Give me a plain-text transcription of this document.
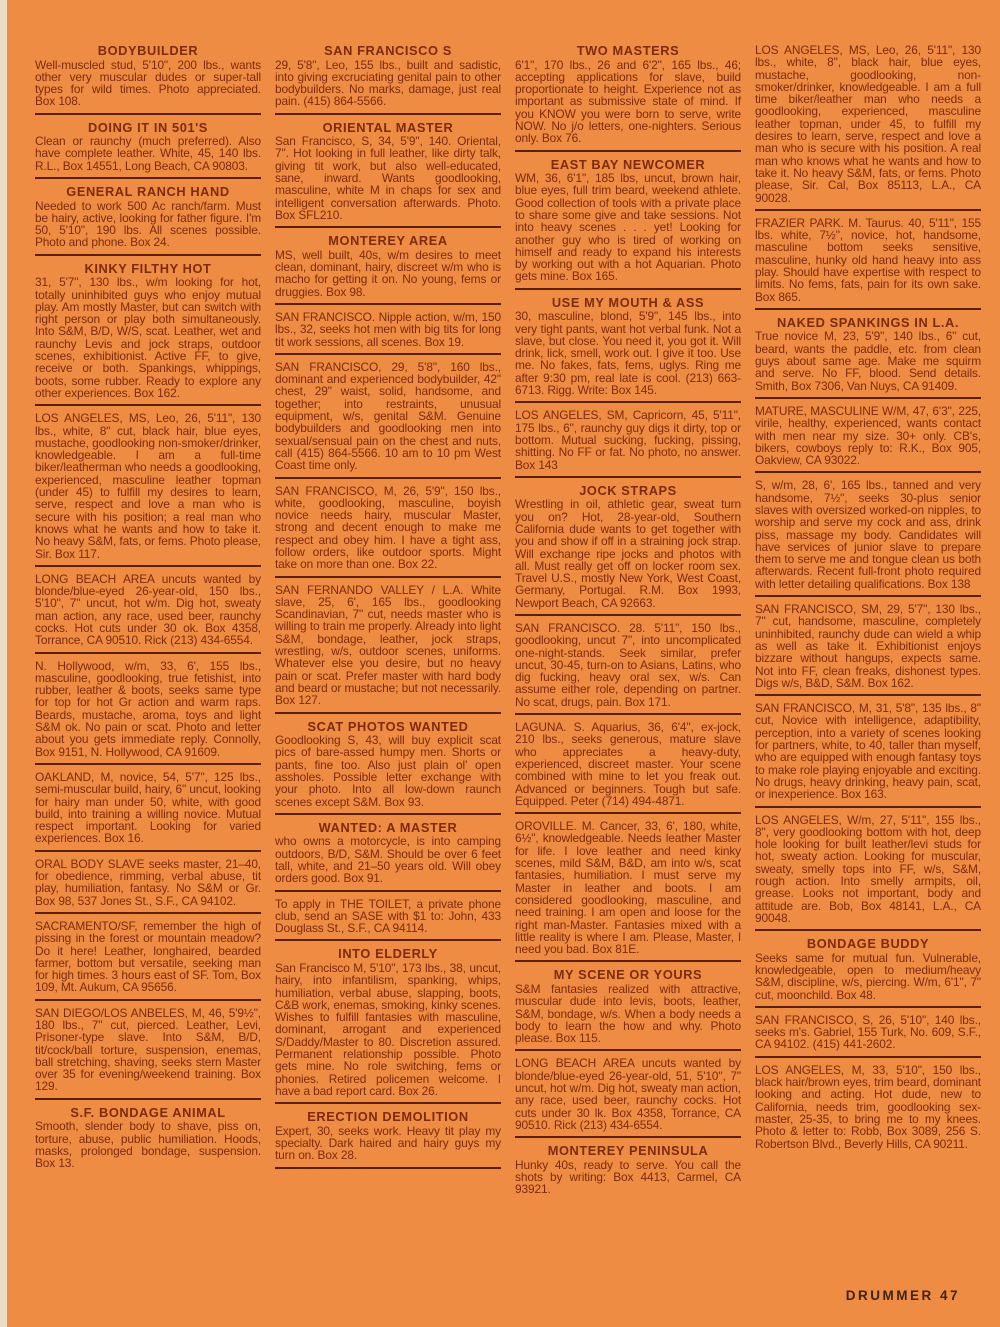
BODYBUILDER
Well-muscled stud, 5'10", 200 lbs., wants other very muscular dudes or super-tall types for wild times. Photo appreciated. Box 108.
DOING IT IN 501'S
Clean or raunchy (much preferred). Also have complete leather. White, 45, 140 lbs. R.L., Box 14551, Long Beach, CA 90803.
GENERAL RANCH HAND
Needed to work 500 Ac ranch/farm. Must be hairy, active, looking for father figure. I'm 50, 5'10", 190 lbs. All scenes possible. Photo and phone. Box 24.
KINKY FILTHY HOT
31, 5'7", 130 lbs., w/m looking for hot, totally uninhibited guys who enjoy mutual play. Am mostly Master, but can switch with right person or play both simultaneously. Into S&M, B/D, W/S, scat. Leather, wet and raunchy Levis and jock straps, outdoor scenes, exhibitionist. Active FF, to give, receive or both. Spankings, whippings, boots, some rubber. Ready to explore any other experiences. Box 162.
LOS ANGELES, MS, Leo, 26, 5'11", 130 lbs., white, 8" cut, black hair, blue eyes, mustache, goodlooking non-smoker/drinker, knowledgeable. I am a full-time biker/leatherman who needs a goodlooking, experienced, masculine leather topman (under 45) to fulfill my desires to learn, serve, respect and love a man who is secure with his position; a real man who knows what he wants and how to take it. No heavy S&M, fats, or fems. Photo please, Sir. Box 117.
LONG BEACH AREA uncuts wanted by blonde/blue-eyed 26-year-old, 150 lbs., 5'10", 7" uncut, hot w/m. Dig hot, sweaty man action, any race, used beer, raunchy cocks. Hot cuts under 30 ok. Box 4358, Torrance, CA 90510. Rick (213) 434-6554.
N. Hollywood, w/m, 33, 6', 155 lbs., masculine, goodlooking, true fetishist, into rubber, leather & boots, seeks same type for top for hot Gr action and warm raps. Beards, mustache, aroma, toys and light S&M ok. No pain or scat. Photo and letter about you gets immediate reply. Connolly, Box 9151, N. Hollywood, CA 91609.
OAKLAND, M, novice, 54, 5'7", 125 lbs., semi-muscular build, hairy, 6" uncut, looking for hairy man under 50, white, with good build, into training a willing novice. Mutual respect important. Looking for varied experiences. Box 16.
ORAL BODY SLAVE seeks master, 21–40, for obedience, rimming, verbal abuse, tit play, humiliation, fantasy. No S&M or Gr. Box 98, 537 Jones St., S.F., CA 94102.
SACRAMENTO/SF, remember the high of pissing in the forest or mountain meadow? Do it here! Leather, longhaired, bearded farmer, bottom but versatile, seeking man for high times. 3 hours east of SF. Tom, Box 109, Mt. Aukum, CA 95656.
SAN DIEGO/LOS ANBELES, M, 46, 5'9½", 180 lbs., 7" cut, pierced. Leather, Levi, Prisoner-type slave. Into S&M, B/D, tit/cock/ball torture, suspension, enemas, ball stretching, shaving, seeks stern Master over 35 for evening/weekend training. Box 129.
S.F. BONDAGE ANIMAL
Smooth, slender body to shave, piss on, torture, abuse, public humiliation. Hoods, masks, prolonged bondage, suspension. Box 13.
SAN FRANCISCO S
29, 5'8", Leo, 155 lbs., built and sadistic, into giving excruciating genital pain to other bodybuilders. No marks, damage, just real pain. (415) 864-5566.
ORIENTAL MASTER
San Francisco, S, 34, 5'9", 140. Oriental, 7". Hot looking in full leather, like dirty talk, giving tit work, but also well-educated, sane, inward. Wants goodlooking, masculine, white M in chaps for sex and intelligent conversation afterwards. Photo. Box SFL210.
MONTEREY AREA
MS, well built, 40s, w/m desires to meet clean, dominant, hairy, discreet w/m who is macho for getting it on. No young, fems or druggies. Box 98.
SAN FRANCISCO. Nipple action, w/m, 150 lbs., 32, seeks hot men with big tits for long tit work sessions, all scenes. Box 19.
SAN FRANCISCO, 29, 5'8", 160 lbs., dominant and experienced bodybuilder, 42" chest, 29" waist, solid, handsome, and together; into restraints, unusual equipment, w/s, genital S&M. Genuine bodybuilders and goodlooking men into sexual/sensual pain on the chest and nuts, call (415) 864-5566. 10 am to 10 pm West Coast time only.
SAN FRANCISCO, M, 26, 5'9", 150 lbs., white, goodlooking, masculine, boyish novice needs hairy, muscular Master, strong and decent enough to make me respect and obey him. I have a tight ass, follow orders, like outdoor sports. Might take on more than one. Box 22.
SAN FERNANDO VALLEY / L.A. White slave, 25, 6', 165 lbs., goodlooking Scandinavian, 7" cut, needs master who is willing to train me properly. Already into light S&M, bondage, leather, jock straps, wrestling, w/s, outdoor scenes, uniforms. Whatever else you desire, but no heavy pain or scat. Prefer master with hard body and beard or mustache; but not necessarily. Box 127.
SCAT PHOTOS WANTED
Goodlooking S, 43, will buy explicit scat pics of bare-assed humpy men. Shorts or pants, fine too. Also just plain ol' open assholes. Possible letter exchange with your photo. Into all low-down raunch scenes except S&M. Box 93.
WANTED: A MASTER
who owns a motorcycle, is into camping outdoors, B/D, S&M. Should be over 6 feet tall, white, and 21–50 years old. Will obey orders good. Box 91.
To apply in THE TOILET, a private phone club, send an SASE with $1 to: John, 433 Douglass St., S.F., CA 94114.
INTO ELDERLY
San Francisco M, 5'10", 173 lbs., 38, uncut, hairy, into infantilism, spanking, whips, humiliation, verbal abuse, slapping, boots, C&B work, enemas, smoking, kinky scenes. Wishes to fulfill fantasies with masculine, dominant, arrogant and experienced S/Daddy/Master to 80. Discretion assured. Permanent relationship possible. Photo gets mine. No role switching, fems or phonies. Retired policemen welcome. I have a bad report card. Box 26.
ERECTION DEMOLITION
Expert, 30, seeks work. Heavy tit play my specialty. Dark haired and hairy guys my turn on. Box 28.
TWO MASTERS
6'1", 170 lbs., 26 and 6'2", 165 lbs., 46; accepting applications for slave, build proportionate to height. Experience not as important as submissive state of mind. If you KNOW you were born to serve, write NOW. No j/o letters, one-nighters. Serious only. Box 76.
EAST BAY NEWCOMER
WM, 36, 6'1", 185 lbs, uncut, brown hair, blue eyes, full trim beard, weekend athlete. Good collection of tools with a private place to share some give and take sessions. Not into heavy scenes . . . yet! Looking for another guy who is tired of working on himself and ready to expand his interests by working out with a hot Aquarian. Photo gets mine. Box 165.
USE MY MOUTH & ASS
30, masculine, blond, 5'9", 145 lbs., into very tight pants, want hot verbal funk. Not a slave, but close. You need it, you got it. Will drink, lick, smell, work out. I give it too. Use me. No fakes, fats, fems, uglys. Ring me after 9:30 pm, real late is cool. (213) 663-6713. Rigg. Write: Box 145.
LOS ANGELES, SM, Capricorn, 45, 5'11", 175 lbs., 6", raunchy guy digs it dirty, top or bottom. Mutual sucking, fucking, pissing, shitting. No FF or fat. No photo, no answer. Box 143
JOCK STRAPS
Wrestling in oil, athletic gear, sweat turn you on? Hot, 28-year-old, Southern California dude wants to get together with you and show if off in a straining jock strap. Will exchange ripe jocks and photos with all. Must really get off on locker room sex. Travel U.S., mostly New York, West Coast, Germany, Portugal. R.M. Box 1993, Newport Beach, CA 92663.
SAN FRANCISCO. 28. 5'11", 150 lbs., goodlooking, uncut 7", into uncomplicated one-night-stands. Seek similar, prefer uncut, 30-45, turn-on to Asians, Latins, who dig fucking, heavy oral sex, w/s. Can assume either role, depending on partner. No scat, drugs, pain. Box 171.
LAGUNA. S. Aquarius, 36, 6'4", ex-jock, 210 lbs., seeks generous, mature slave who appreciates a heavy-duty, experienced, discreet master. Your scene combined with mine to let you freak out. Advanced or beginners. Tough but safe. Equipped. Peter (714) 494-4871.
OROVILLE. M. Cancer, 33, 6', 180, white, 6½", knowledgeable. Needs leather Master for life. I love leather and need kinky scenes, mild S&M, B&D, am into w/s, scat fantasies, humiliation. I must serve my Master in leather and boots. I am considered goodlooking, masculine, and need training. I am open and loose for the right man-Master. Fantasies mixed with a little reality is where I am. Please, Master, I need you bad. Box 81E.
MY SCENE OR YOURS
S&M fantasies realized with attractive, muscular dude into levis, boots, leather, S&M, bondage, w/s. When a body needs a body to learn the how and why. Photo please. Box 115.
LONG BEACH AREA uncuts wanted by blonde/blue-eyed 26-year-old, 51, 5'10", 7" uncut, hot w/m. Dig hot, sweaty man action, any race, used beer, raunchy cocks. Hot cuts under 30 lk. Box 4358, Torrance, CA 90510. Rick (213) 434-6554.
MONTEREY PENINSULA
Hunky 40s, ready to serve. You call the shots by writing: Box 4413, Carmel, CA 93921.
LOS ANGELES, MS, Leo, 26, 5'11", 130 lbs., white, 8", black hair, blue eyes, mustache, goodlooking, non-smoker/drinker, knowledgeable. I am a full time biker/leather man who needs a goodlooking, experienced, masculine leather topman, under 45, to fulfill my desires to learn, serve, respect and love a man who is secure with his position. A real man who knows what he wants and how to take it. No heavy S&M, fats, or fems. Photo please, Sir. Cal, Box 85113, L.A., CA 90028.
FRAZIER PARK. M. Taurus. 40, 5'11", 155 lbs. white, 7½", novice, hot, handsome, masculine bottom seeks sensitive, masculine, hunky old hand heavy into ass play. Should have expertise with respect to limits. No fems, fats, pain for its own sake. Box 865.
NAKED SPANKINGS IN L.A.
True novice M, 23, 5'9", 140 lbs., 6" cut, beard, wants the paddle, etc. from clean guys about same age. Make me squirm and serve. No FF, blood. Send details. Smith, Box 7306, Van Nuys, CA 91409.
MATURE, MASCULINE W/M, 47, 6'3", 225, virile, healthy, experienced, wants contact with men near my size. 30+ only. CB's, bikers, cowboys reply to: R.K., Box 905, Oakview, CA 93022.
S, w/m, 28, 6', 165 lbs., tanned and very handsome, 7½", seeks 30-plus senior slaves with oversized worked-on nipples, to worship and serve my cock and ass, drink piss, massage my body. Candidates will have services of junior slave to prepare them to serve me and tongue clean us both afterwards. Recent full-front photo required with letter detailing qualifications. Box 138
SAN FRANCISCO, SM, 29, 5'7", 130 lbs., 7" cut, handsome, masculine, completely uninhibited, raunchy dude can wield a whip as well as take it. Exhibitionist enjoys bizzare without hangups, expects same. Not into FF, clean freaks, dishonest types. Digs w/s, B&D, S&M. Box 162.
SAN FRANCISCO, M, 31, 5'8", 135 lbs., 8" cut, Novice with intelligence, adaptibility, perception, into a variety of scenes looking for partners, white, to 40, taller than myself, who are equipped with enough fantasy toys to make role playing enjoyable and exciting. No drugs, heavy drinking, heavy pain, scat, or inexperience. Box 163.
LOS ANGELES, W/m, 27, 5'11", 155 lbs., 8", very goodlooking bottom with hot, deep hole looking for built leather/levi studs for hot, sweaty action. Looking for muscular, sweaty, smelly tops into FF, w/s, S&M, rough action. Into smelly armpits, oil, grease. Looks not important, body and attitude are. Bob, Box 48141, L.A., CA 90048.
BONDAGE BUDDY
Seeks same for mutual fun. Vulnerable, knowledgeable, open to medium/heavy S&M, discipline, w/s, piercing. W/m, 6'1", 7" cut, moonchild. Box 48.
SAN FRANCISCO, S, 26, 5'10", 140 lbs., seeks m's. Gabriel, 155 Turk, No. 609, S.F., CA 94102. (415) 441-2602.
LOS ANGELES, M, 33, 5'10", 150 lbs., black hair/brown eyes, trim beard, dominant looking and acting. Hot dude, new to California, needs trim, goodlooking sex-master, 25-35, to bring me to my knees. Photo & letter to: Robb, Box 3089, 256 S. Robertson Blvd., Beverly Hills, CA 90211.
DRUMMER 47
